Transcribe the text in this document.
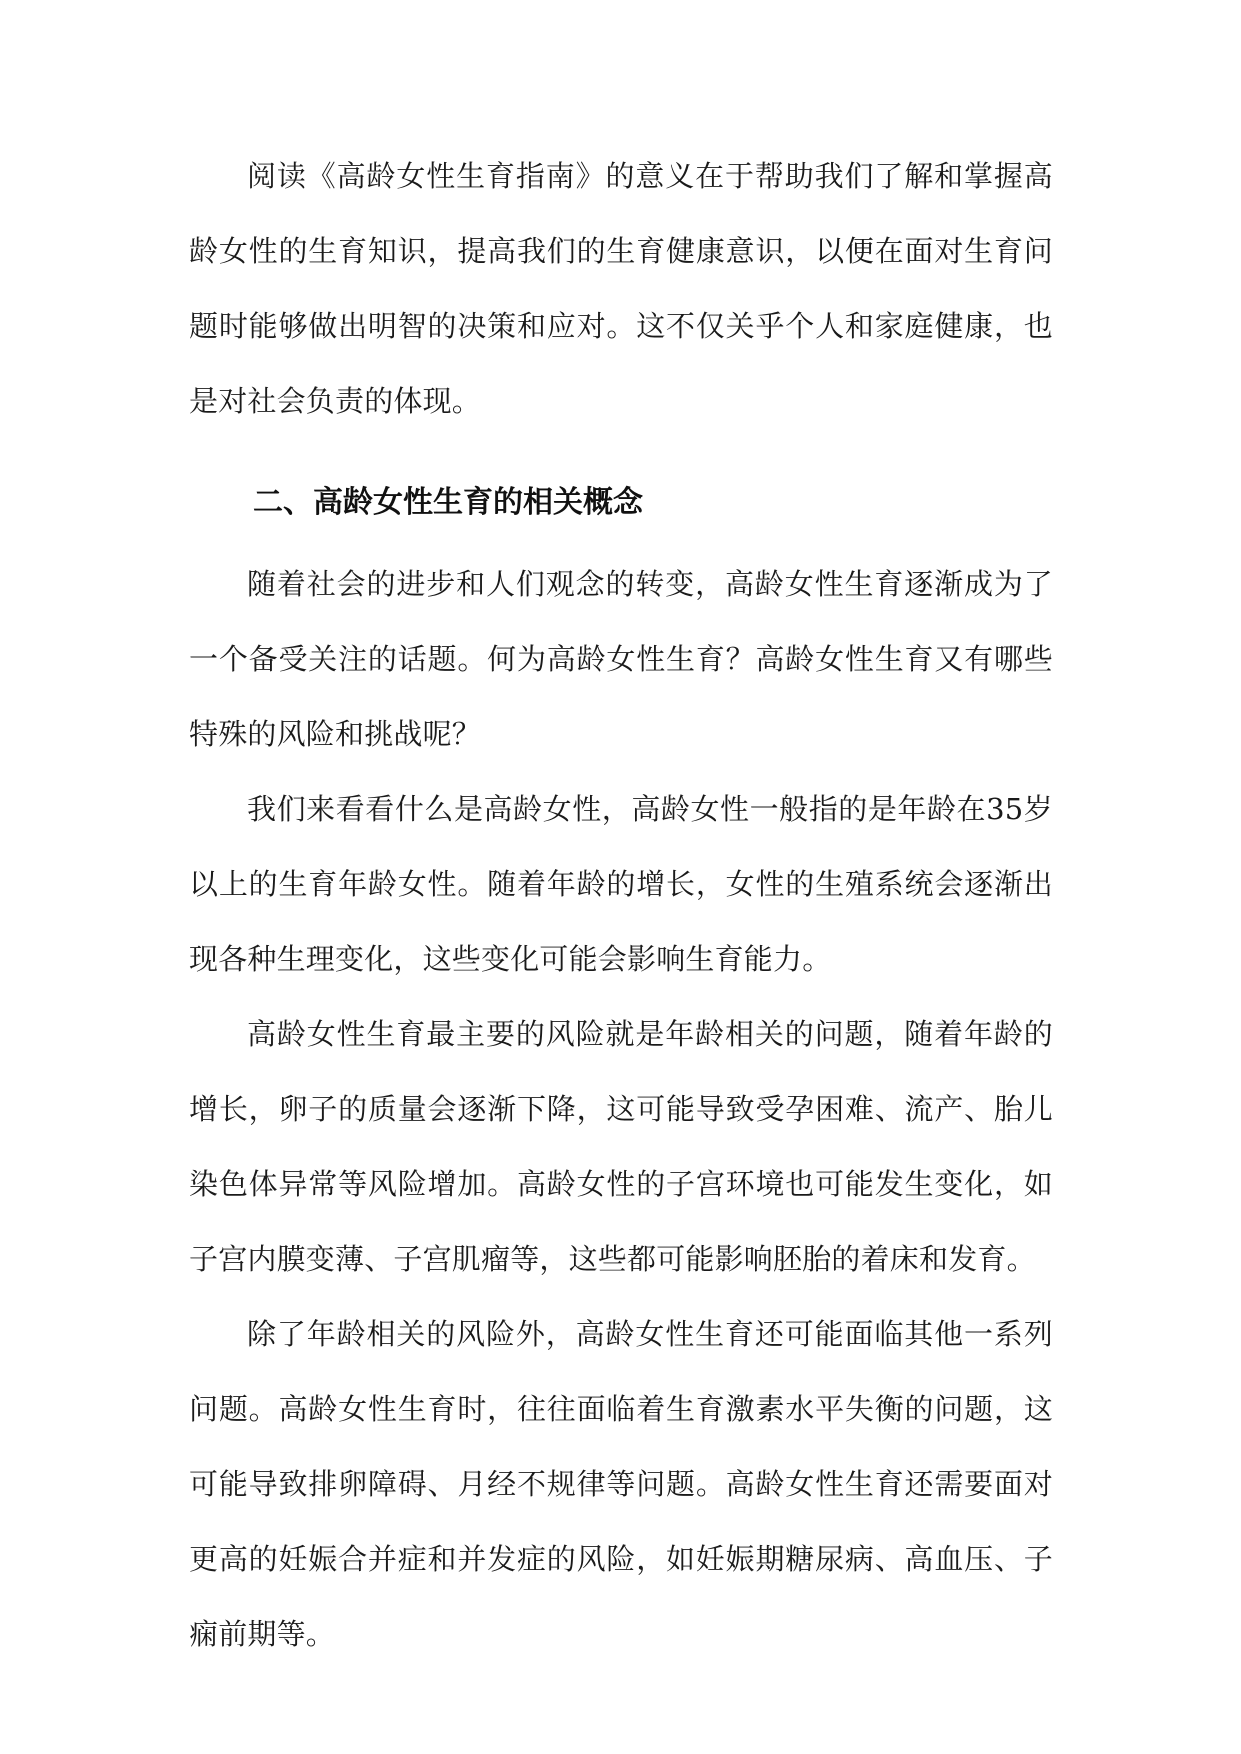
阅读《高龄女性生育指南》的意义在于帮助我们了解和掌握高龄女性的生育知识，提高我们的生育健康意识，以便在面对生育问题时能够做出明智的决策和应对。这不仅关乎个人和家庭健康，也是对社会负责的体现。

二、高龄女性生育的相关概念

随着社会的进步和人们观念的转变，高龄女性生育逐渐成为了一个备受关注的话题。何为高龄女性生育？高龄女性生育又有哪些特殊的风险和挑战呢？

我们来看看什么是高龄女性，高龄女性一般指的是年龄在35岁以上的生育年龄女性。随着年龄的增长，女性的生殖系统会逐渐出现各种生理变化，这些变化可能会影响生育能力。

高龄女性生育最主要的风险就是年龄相关的问题，随着年龄的增长，卵子的质量会逐渐下降，这可能导致受孕困难、流产、胎儿染色体异常等风险增加。高龄女性的子宫环境也可能发生变化，如子宫内膜变薄、子宫肌瘤等，这些都可能影响胚胎的着床和发育。

除了年龄相关的风险外，高龄女性生育还可能面临其他一系列问题。高龄女性生育时，往往面临着生育激素水平失衡的问题，这可能导致排卵障碍、月经不规律等问题。高龄女性生育还需要面对更高的妊娠合并症和并发症的风险，如妊娠期糖尿病、高血压、子痫前期等。
